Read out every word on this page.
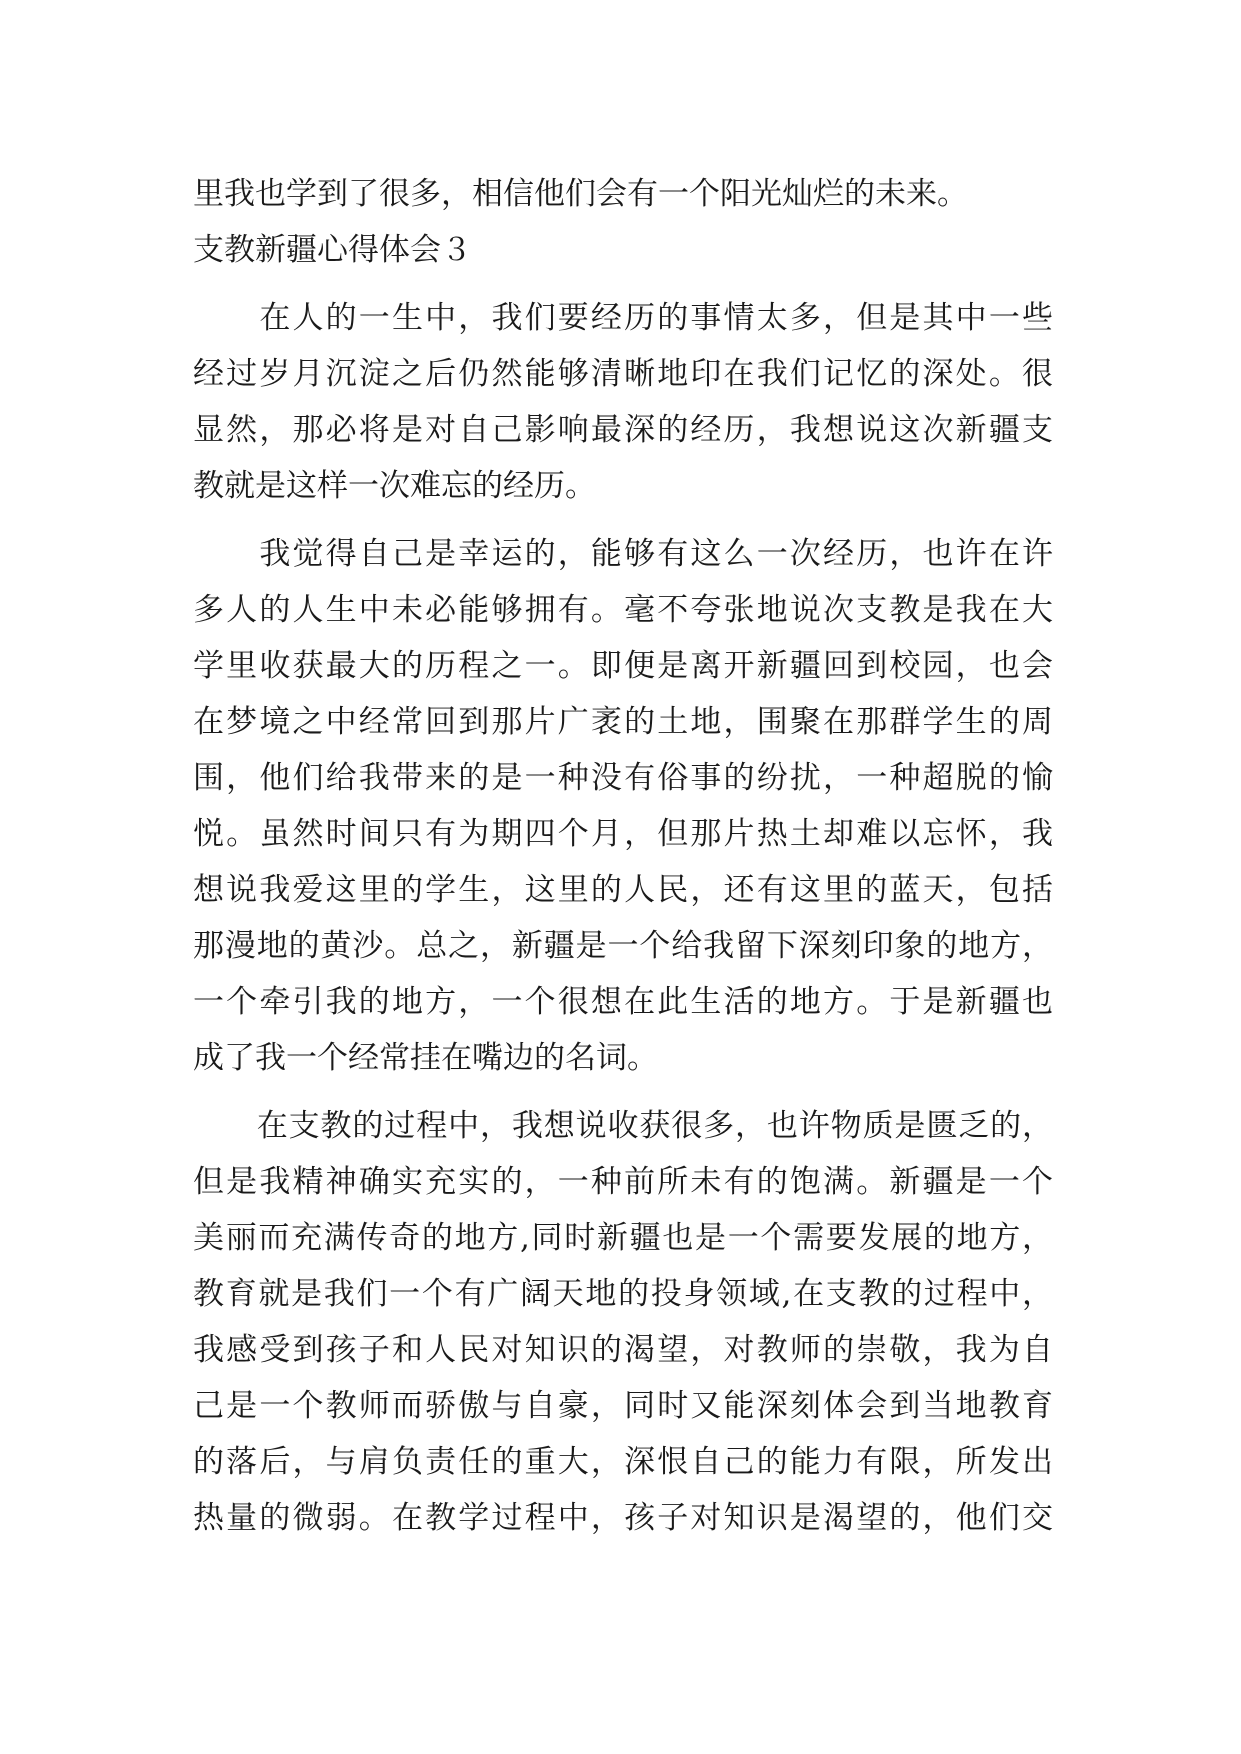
里我也学到了很多，相信他们会有一个阳光灿烂的未来。
支教新疆心得体会３
　　在人的一生中，我们要经历的事情太多，但是其中一些
经过岁月沉淀之后仍然能够清晰地印在我们记忆的深处。很
显然，那必将是对自己影响最深的经历，我想说这次新疆支
教就是这样一次难忘的经历。
　　我觉得自己是幸运的，能够有这么一次经历，也许在许
多人的人生中未必能够拥有。毫不夸张地说次支教是我在大
学里收获最大的历程之一。即便是离开新疆回到校园，也会
在梦境之中经常回到那片广袤的土地，围聚在那群学生的周
围，他们给我带来的是一种没有俗事的纷扰，一种超脱的愉
悦。虽然时间只有为期四个月，但那片热土却难以忘怀，我
想说我爱这里的学生，这里的人民，还有这里的蓝天，包括
那漫地的黄沙。总之，新疆是一个给我留下深刻印象的地方，
一个牵引我的地方，一个很想在此生活的地方。于是新疆也
成了我一个经常挂在嘴边的名词。
　　在支教的过程中，我想说收获很多，也许物质是匮乏的，
但是我精神确实充实的，一种前所未有的饱满。新疆是一个
美丽而充满传奇的地方,同时新疆也是一个需要发展的地方，
教育就是我们一个有广阔天地的投身领域,在支教的过程中，
我感受到孩子和人民对知识的渴望，对教师的崇敬，我为自
己是一个教师而骄傲与自豪，同时又能深刻体会到当地教育
的落后，与肩负责任的重大，深恨自己的能力有限，所发出
热量的微弱。在教学过程中，孩子对知识是渴望的，他们交
